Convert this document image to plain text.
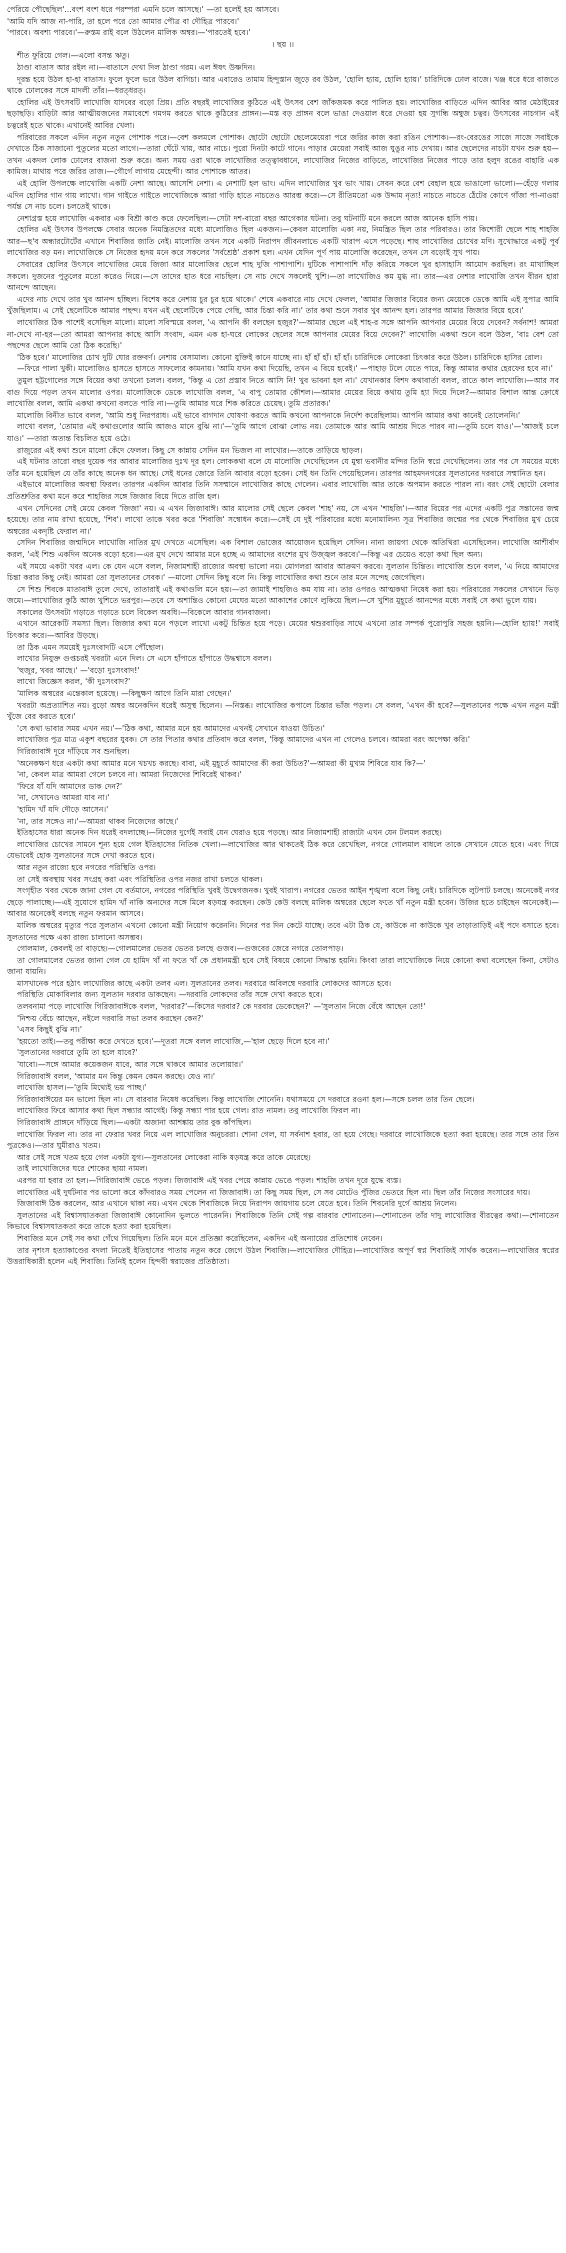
পেরিয়ে পৌছেছিল'...বংশ বংশ ধরে পরম্পরা এমনি চলে আসছে।' —তা হলেই হয় আসবে।

'আমি যদি আজ না-পারি, তা হলে পরে তো আমার পৌত্র বা দৌহিত্র পারবে।'

'পারবে। অবশ্য পারবে।'—রুস্তম রাই বলে উঠলেন মালিক অম্বর।—'পারতেই হবে।'

। ছয় ।।

শীত ফুরিয়ে গেল।—এলো বসন্ত ঋতু।

ঠাণ্ডা বাতাস আর রইল না।—বাতাসে দেখা দিল ঠাণ্ডা গরম। এল ঈষৎ উষ্ণদিন।

দূরন্ত হয়ে উঠল হা-হা বাতাস। ফুলে ফুলে ভরে উঠল বাগিচা। আর এবারেও তামাম হিন্দুস্তান জুড়ে রব উঠল, 'হোলি হ্যায়, হোলি হ্যায়।' চারিদিকে ঢোল বাজে। খঞ্জ ধরে ধরে বাজতে থাকে ঢোলকের সঙ্গে মাদলী তাঁর।—ধরত্ধরত্।

হোলির এই উৎসবটি লাখোজি যাদবের বড়ো প্রিয়। প্রতি বছরই লাখোজির কুঠিতে এই উৎসব বেশ জাঁকজমক করে পালিত হয়। লাখোজির বাড়িতে এদিন আবির আর মেঠাইয়ের ছড়াছড়ি। বাড়িটা আর আত্মীয়জনের সমাবেশে গমগম করতে থাকে কুঠিরের প্রাঙ্গন।—মস্ত বড় প্রাঙ্গন বলে ভাঙা দেওয়াল ধরে দেওয়া হয় সুগন্ধি অম্বুজ চত্বর। উৎসবের নাচগান এই চত্বরেই হতে থাকে। এখানেই আবির খেলা।

পরিবারের সকলে এদিন নতুন নতুন পোশাক পরে।—বেশ কলমলে পোশাক। ছোটো ছোটো ছেলেমেয়েরা পরে জরির কাজ করা রঙিন পোশাক।—রং-বেরঙের সাজে সাজে সবাইকে দেখাতে ঠিক সাজানো পুতুলের মতো লাগে।—তারা ঘেঁটে খায়, আর নাচে। পুরো দিনটা কাটে গানে। পাড়ার মেয়েরা সবাই আজ ঘুঙুর নাচ দেখায়। আর ছেলেদের নাচটা যখন শুরু হয়—তখন একদল লোক ঢোলের বাজনা শুরু করে। অন্য সময় ওরা থাকে লাখোজির তত্ত্বাবধানে, লাখোজির নিজের বাড়িতে, লাখোজির নিজের পাড়ে তার হলুদ রঙের বাহারি এক কামিজ। মাথায় পরে জরির তাজ।—গৌর্গে লাগায় মেহেন্দী। আর পোশাকে আতর।

এই হোলি উপলক্ষে লাখোজি একটি নেশা আছে। আসেশি নেশা। এ নেশাটি হল ভাং। এদিন লাখোজির খুব ভাং খায়। সেবন করে বেশ বেহাল হয়ে ভাঙালো ভালো।—হেঁড়ে গলায় এদিন হোলির গান গায় লাখো। গান গাইতে গাইতে লাখোজিকে আরা গাড়ি হাতে নাচতেও আরম্ভ করে।—সে রীতিমতো এক উদ্দাম নৃত্য! নাচতে নাচতে ঠেঁটের কোণে গাঁজা পা-নাওয়া পর্যন্ত সে নাচ চলে। চলতেই থাকে।

নেশাগ্রস্ত হয়ে লাখোজি একবার এক বিশ্রী কাণ্ড করে ফেলেছিল।—সেটা দশ-বারো বছর আগেকার ঘটনা। তবু ঘটনাটি মনে করলে আজ আনেক হাসি পায়।

হোলির এই উৎসব উপলক্ষে সেবার অনেক নিমন্ত্রিতদের মধ্যে মালোজিও ছিল একজন।—কেবল মালোজি একা নয়, নিমন্ত্রিত ছিল তার পরিবারও। তার কিশোরী ছেলে শাহ শাহজি আর—ছ'ব অন্ধারটোর্টের এখানে শিবাজির জাতি নেই। মালোজি তখন সবে একটি নিরাপদ জীবনলাভে একটি খারাপ এসে পড়েছে। শাহু লাখোজির চোখের মণি। সুখোদ্ধারে একটু পূর্ব লাখোজির বড় মন। লাখোজিকে সে নিজের হৃদয় মনে করে সকলের 'সর্বশ্রেষ্ঠ' প্রকাশ হল। এখন যেদিন পূর্ণ পায় মালোজি করেছেন, তখন সে বড়োই সুখ পায়।

সেবারের হোলির উৎসবে লাখোজির মেয়ে জিজা আর মালোজির ছেলে শাহ দুজি পাশাপাশি। দুটিকে পাশাপাশি দাঁড় করিয়ে সকলে খুব হাসাহাসি আমোদ করছিল। রং মাখাচ্ছিল সকলে। দুজনের পুতুলের মতো করেও নিয়ে।—সে তাদের হাত ধরে নাচছিল। সে নাচ দেখে সকলেই খুশি।—তা লাখোজিও কম মুগ্ধ না। তার—এর নেশার লাখোজি তখন বীরন হারা আনন্দে আছেন।

এদের নাচ দেখে তার খুব আনন্দ হচ্ছিল। বিশেষ করে নেশায় চুর চুর হয়ে থাকে।' শেষে একবারে নাচ দেখে ফেলল, 'আমার জিজার বিয়ের জন্য মেয়েকে ডেকে আমি এই সুপাত্র আমি খুঁজছিলাম। এ সেই ছেলেটিকে আমার পছন্দ। যখন এই ছেলেটিকে পেয়ে গেছি, আর চিন্তা করি না।' তার কথা শুনে সবার খুব আনন্দ হল। তারপর আমার জিজার বিয়ে হবে।'

লাখোজির ঠিক পাশেই বসেছিল মালো। মালো সবিস্ময়ে বলল, 'এ আপনি কী বলছেন হজুর?'—আমার ছেলে এই শাহ-র সঙ্গে আপনি আপনার মেয়ের বিয়ে দেবেন? সর্বনাশ! আমরা না-দেখে না-হর—তো আমরা আপনার কাছে আসি সংবাদ, এমন এক হা-ঘরে লোকের ছেলের সঙ্গে আপনার মেয়ের বিয়ে দেবেন?' লাখোজি একথা শুনে বলে উঠল, 'বাঃ বেশ তো পছন্দের ছেলে আমি তো ঠিক করেছি।'

'ঠিক হবে।' মালোজির চোখ দুটি ঘোর রক্তবর্ণ। নেশায় বেসামাল। কোনো যুক্তিই কানে যাচ্ছে না। হাঁ হাঁ হাঁ। হাঁ হাঁ। চারিদিকে লোকেরা চিৎকার করে উঠল। চারিদিকে হাসির রোল।

—ফিরে পালা খুকী। মালোজিও হাসতে হাসতে সাফল্যের কামনায়। 'আমি যখন কথা দিয়েছি, তখন এ বিয়ে হবেই।' —পাহাড় টলে যেতে পারে, কিন্তু আমার কথার হেরফের হবে না।'

তুমুল হট্টগোলের সঙ্গে বিয়ের কথা তখনো চলল। বলল, 'কিন্তু এ তো প্রস্তাব নিতে আসি নি! খুব ভাবনা হল না।' যেখানকার বিশদ কথাবার্তা বলল, রাতে কাল লাখোজি।—আর সব বাগু দিয়ে পড়ল তখন মালোর ওপর। মালোজিকে ডেকে লাখোজি বলল, 'এ বাপু তোমার কৌশল।—আমার মেয়ের বিয়ে কথায় তুমি হ্যা দিয়ে দিলে?—আমার বিশাল আন্ত ক্রোধে লাখোজি বলল, আমি একথা কখনো বলতে পারি না।—তুমি আমার ঘরে শিক করিতে চেয়েছ। তুমি প্রতারক।'

মালোজি বিনীত ভাবে বলল, 'আমি শুধু নিরপরাধ। এই ভাবে বাগদান ঘোষণা করতে আমি কখনো আপনাকে নির্দেশ করেছিলাম। আপনি আমার কথা কানেই তোলেননি।'

লাখো বলল, 'তোমার এই কথাগুলোর আমি আজও মানে বুঝি না।'—'তুমি আগে বোঝা লোভ নয়। তোমাকে আর আমি আশ্রয় দিতে পারব না।—তুমি চলে যাও।'—'আজই চলে যাও।' —তারা অত্যন্ত বিচলিত হয়ে ওঠে।

রাজুরের এই কথা শুনে মালো কেঁদে ফেলল। কিছু সে কান্নায় সেদিন মন ভিজল না লাখোর।—তাকে তাড়িয়ে ছাড়ল।

এই ঘটনার তারো বছর দুয়েক পর আবার মালোজির দুঃখ দূর হল। লোককথা বলে যে মালোজি দেখেছিলেন যে মুম্বা ভবানীর মন্দির তিনি স্বপ্নে দেখেছিলেন। তার পর সে সময়ের মধ্যে তাঁর মনে হয়েছিল যে তাঁর কাছে অনেক ধন আছে। সেই ধনের জোরে তিনি আবার বড়ো হবেন। সেই ধন তিনি পেয়েছিলেন। তারপর আহমদনগরের সুলতানের দরবারে সম্মানিত হন।

এইভাবে মালোজির অবস্থা ফিরল। তারপর একদিন আবার তিনি সসম্মানে লাখোজির কাছে গেলেন। এবার লাখোজি আর তাকে অপমান করতে পারল না। বরং সেই ছোটো বেলার প্রতিশ্রুতির কথা মনে করে শাহজির সঙ্গে জিজার বিয়ে দিতে রাজি হল।

এখন সেদিনের সেই মেয়ে কেবল 'জিজা' নয়। এ এখন জিজাবাঈ। আর মালোর সেই ছেলে কেবল 'শাহ' নয়, সে এখন 'শাহজি'।—আর বিয়ের পর এদের একটি পুত্র সন্তানের জন্ম হয়েছে। তার নাম রাখা হয়েছে, 'শিব'। লাখো তাকে খবর করে 'শিবাজি' সম্বোধন করে।—সেই যে দুই পরিবারের মধ্যে মনোমালিন্য সূত্র শিবাজির জন্মের পর থেকে শিবাজির মুখ চেয়ে অম্বরের একদৃষ্টি ফেরাল না।'

সেদিন শিবাজির জন্মদিনে লাখোজি নাতির মুখ দেখতে এসেছিল। এক বিশাল ভোজের আয়োজন হয়েছিল সেদিন। নানা জায়গা থেকে অতিথিরা এসেছিলেন। লাখোজি আশীর্বাদ করল, 'এই শিশু একদিন অনেক বড়ো হবে।—এর মুখ দেখে আমার মনে হচ্ছে এ আমাদের বংশের মুখ উজ্জ্বল করবে।'—কিন্তু এর চেয়েও বড়ো কথা ছিল অন্য।

এই সময়ে একটা খবর এল। কে যেন এসে বলল, নিজামশাহী রাজ্যের অবস্থা ভালো নয়। মোগলরা আবার আক্রমণ করবে। সুলতান চিন্তিত। লাখোজি শুনে বলল, 'এ নিয়ে আমাদের চিন্তা করার কিছু নেই। আমরা তো সুলতানের সেবক।' —মালো সেদিন কিছু বলে নি। কিন্তু লাখোজির কথা শুনে তার মনে সন্দেহ জেগেছিল।

সে শিশু শিবকে মাতাবাঈ তুলে দেখে, তাতারাই এই কথাগুলি মনে হয়।—তা জামাই শাহজিও কম যায় না। তার ওপরও আত্মকথা নিষেধ করা হয়। পরিবারের সকলের সেখানে ভিড় জমে।—লাখোজির কুঠি আজ খুশিতে ভরপুর।—তবে সে অশান্তিও কোনো মেঘের মতো আকাশের কোণে লুকিয়ে ছিল।—সে খুশির মুহূর্তে আনন্দের মধ্যে সবাই সে কথা ভুলে যায়।

সকালের উৎসবটা গড়াতে গড়াতে চলে বিকেল অবধি।—বিকেলে আবার গানবাজনা।

এখানে আরেকটি সমস্যা ছিল। জিজার কথা মনে পড়লে লাখো একটু চিন্তিত হয়ে পড়ে। মেয়ের শ্বশুরবাড়ির সাথে এখনো তার সম্পর্ক পুরোপুরি সহজ হয়নি।—হোলি হ্যায়!' সবাই চিৎকার করে।—আবির উড়ছে।

তা ঠিক এমন সময়েই দুঃসংবাদটি এসে পৌঁছোল।

লাখোর নিযুক্ত গুপ্তচরই খবরটা এনে দিল। সে এসে হাঁপাতে হাঁপাতে উদ্ধশ্বাসে বলল।

'হুজুর, খবর আছে।' —'বড়ো দুঃসংবাদ!'

লাখো জিজ্ঞেস করল, 'কী দুঃসংবাদ?'

'মালিক অম্বরের এন্তেকাল হয়েছে। —কিছুক্ষণ আগে তিনি মারা গেছেন।'

খবরটা অপ্রত্যাশিত নয়। বুড়ো অম্বর অনেকদিন ধরেই অসুস্থ ছিলেন। —নিস্তব্ধ। লাখোজির কপালে চিন্তার ভাঁজ পড়ল। সে বলল, 'এখন কী হবে?—সুলতানের পক্ষে এখন নতুন মন্ত্রী খুঁজে বের করতে হবে।'

'সে কথা ভাবার সময় এখন নয়।'—'ঠিক কথা, আমার মনে হয় আমাদের এখনই সেখানে যাওয়া উচিত।'

লাখোজির পুত্র মাত্র একুশ বছরের যুবক। সে তার পিতার কথার প্রতিবাদ করে বলল, 'কিন্তু আমাদের এখন না গেলেও চলবে। আমরা বরং অপেক্ষা করি।'

গিরিজাবাঈ দূরে দাঁড়িয়ে সব শুনছিল।

'অনেকক্ষণ ধরে একটা কথা আমার মনে খচখচ করছে। বাবা, এই মুহূর্তে আমাদের কী করা উচিত?'—আমরা কী মুখ্যম শিবিরে যাব কি?—'

'না, কেবল মাত্র আমরা গেলে চলবে না। আমরা নিজেদের শিবিরেই থাকব।'

'ফিরে যাঁ যদি আমাদের ডাক দেন?'

'না, সেখানেও আমরা যাব না।'

'হামিদ খাঁ যদি দৌড়ে আসেন।'

'না, তার সঙ্গেও না।'—আমরা থাকব নিজেদের কাছে।'

ইতিহাসের ধারা অনেক দিন ধরেই বদলাচ্ছে।—নিজের দুর্গেই সবাই যেন ঘেরাও হয়ে পড়ছে। আর নিজামশাহী রাজ্যটা এখন যেন টলমল করছে।

লাখোজির চোখের সামনে শূন্য হয়ে গেল ইতিহাসের নিতিক খেলা।—লাখোজির আর থাকতেই ঠিক করে রেখেছিল, নগরে গোলমাল বাধলে তাকে সেখানে যেতে হবে। এবং গিয়ে যেভাবেই হোক সুলতানের সঙ্গে দেখা করতে হবে।

আর নতুন রাজ্যে হবে নগরের পরিস্থিতি ওপর।

তা সেই অবস্থায় খবর সংগ্রহ করা এবং পরিস্থিতির ওপর নজর রাখা চলতে থাকল।

সংগৃহীত খবর থেকে জানা গেল যে বর্তমানে, নগরের পরিস্থিতি খুবই উদ্বেগজনক। খুবই খারাপ। নগরের ভেতর আইন শৃঙ্খলা বলে কিছু নেই। চারিদিকে লুটপাট চলছে। অনেকেই নগর ছেড়ে পালাচ্ছে।—এই সুযোগে হামিদ খাঁ নাকি অন্যদের সঙ্গে মিলে ষড়যন্ত্র করছেন। কেউ কেউ বলছে মালিক অম্বরের ছেলে ফতে খাঁ নতুন মন্ত্রী হবেন। উজির হতে চাইছেন অনেকেই।—আবার অনেকেই বলছে নতুন ফরমান আসবে।

মালিক অম্বরের মৃত্যুর পরে সুলতান এখনো কোনো মন্ত্রী নিয়োগ করেননি। দিনের পর দিন কেটে যাচ্ছে। তবে এটা ঠিক যে, কাউকে না কাউকে খুব তাড়াতাড়িই এই পদে বসাতে হবে। সুলতানের পক্ষে একা রাজ্য চালানো অসম্ভব।

গোলমাল, কেবলই তা বাড়ছে।—গোলমালের ভেতর ভেতর চলছে গুজব।—গুজবের জেরে নগরে তোলপাড়।

তা গোলমালের ভেতর জানা গেল যে হামিদ খাঁ না ফতে খাঁ কে প্রধানমন্ত্রী হবে সেই বিষয়ে কোনো সিদ্ধান্ত হয়নি। কিংবা তারা লাখোজিকে নিয়ে কোনো কথা বলেছেন কিনা, সেটাও জানা যায়নি।

মাসখানেক পরে হঠাৎ লাখোজির কাছে একটা তলব এল। সুলতানের তলব। দরবারে অবিলম্বে দরবারি লোকদের আসতে হবে।

পরিস্থিতি মোকাবিলার জন্য সুলতান দরবার ডাকছেন। —দরবারি লোকদের তাঁর সঙ্গে দেখা করতে হবে।

তলবনামা পড়ে লাখোজি গিরিজাবাঈকে বলল, 'দরবার?'—কিসের দরবার? কে দরবার ডেকেছেন?' —'সুলতান নিজে বেঁধে আছেন তো!'

'নিশ্চয় বেঁচে আছেন, নইলে দরবারি সভা তলব করছেন কেন?'

'এসব কিছুই বুঝি না।'

'হয়তো তাই।—তবু পরীক্ষা করে দেখতে হবে।'—দূতরা সঙ্গে বলল লাখোজি,—'হাল ছেড়ে দিলে হবে না।'

'সুলতানের দরবারে তুমি তা হলে যাবে?'

'যাবো।—সঙ্গে আমার কয়েকজন যাবে, আর সঙ্গে থাকবে আমার তলোয়ার।'

গিরিজাবাঈ বলল, 'আমার মন কিন্তু কেমন কেমন করছে। যেও না।'

লাখোজি হাসল।—'তুমি মিথ্যেই ভয় পাচ্ছ।'

গিরিজাবাঈয়ের মন ভালো ছিল না। সে বারবার নিষেধ করেছিল। কিন্তু লাখোজি শোনেনি। যথাসময়ে সে দরবারে রওনা হল।—সঙ্গে চলল তার তিন ছেলে।

লাখোজির ফিরে আসার কথা ছিল সন্ধ্যার আগেই। কিন্তু সন্ধ্যা পার হয়ে গেল। রাত নামল। তবু লাখোজি ফিরল না।

গিরিজাবাঈ প্রাঙ্গনে দাঁড়িয়ে ছিল।—একটা অজানা আশঙ্কায় তার বুক কাঁপছিল।

লাখোজি ফিরল না। তার না ফেরার খবর নিয়ে এল লাখোজির অনুচররা। শোনা গেল, যা সর্বনাশ হবার, তা হয়ে গেছে। দরবারে লাখোজিকে হত্যা করা হয়েছে। তার সঙ্গে তার তিন পুত্রকেও।—তার ঘুমীরাও খতম।

আর সেই সঙ্গে খতম হয়ে গেল একটা যুগ।—সুলতানের লোকেরা নাকি ষড়যন্ত্র করে তাকে মেরেছে।

তাই লাখোজিদের ঘরে শোকের ছায়া নামল।

এরপর যা হবার তা হল।—গিরিজাবাঈ ভেঙে পড়ল। জিজাবাঈ এই খবর পেয়ে কান্নায় ভেঙে পড়ল। শাহজি তখন দূরে যুদ্ধে ব্যস্ত।

লাখোজির এই দুর্ঘটনার পর ভালো করে কাঁদবারও সময় পেলেন না জিজাবাঈ। তা কিছু সময় ছিল, সে সব মোটেও পুঁজির ভেতরে ছিল না। ছিল তাঁর নিজের সংসারের দায়।

জিজাবাঈ ঠিক করলেন, আর এখানে থাকা নয়। এখন থেকে শিবাজিকে নিয়ে নিরাপদ জায়গায় চলে যেতে হবে। তিনি শিবনেরি দুর্গে আশ্রয় নিলেন।

সুলতানের এই বিশ্বাসঘাতকতা জিজাবাঈ কোনোদিন ভুলতে পারেননি। শিবাজিকে তিনি সেই গল্প বারবার শোনাতেন।—শোনাতেন তাঁর দাদু লাখোজির বীরত্বের কথা।—শোনাতেন কিভাবে বিশ্বাসঘাতকতা করে তাকে হত্যা করা হয়েছিল।

শিবাজির মনে সেই সব কথা গেঁথে গিয়েছিল। তিনি মনে মনে প্রতিজ্ঞা করেছিলেন, একদিন এই অন্যায়ের প্রতিশোধ নেবেন।

তার নৃশংস হত্যাকাণ্ডের বদলা নিতেই ইতিহাসের পাতায় নতুন করে জেগে উঠল শিবাজি।—লাখোজির দৌহিত্র।—লাখোজির অপূর্ণ স্বপ্ন শিবাজিই সার্থক করেন।—লাখোজির স্বপ্নের উত্তরাধিকারী হলেন এই শিবাজি। তিনিই হলেন হিন্দবী স্বরাজের প্রতিষ্ঠাতা।
